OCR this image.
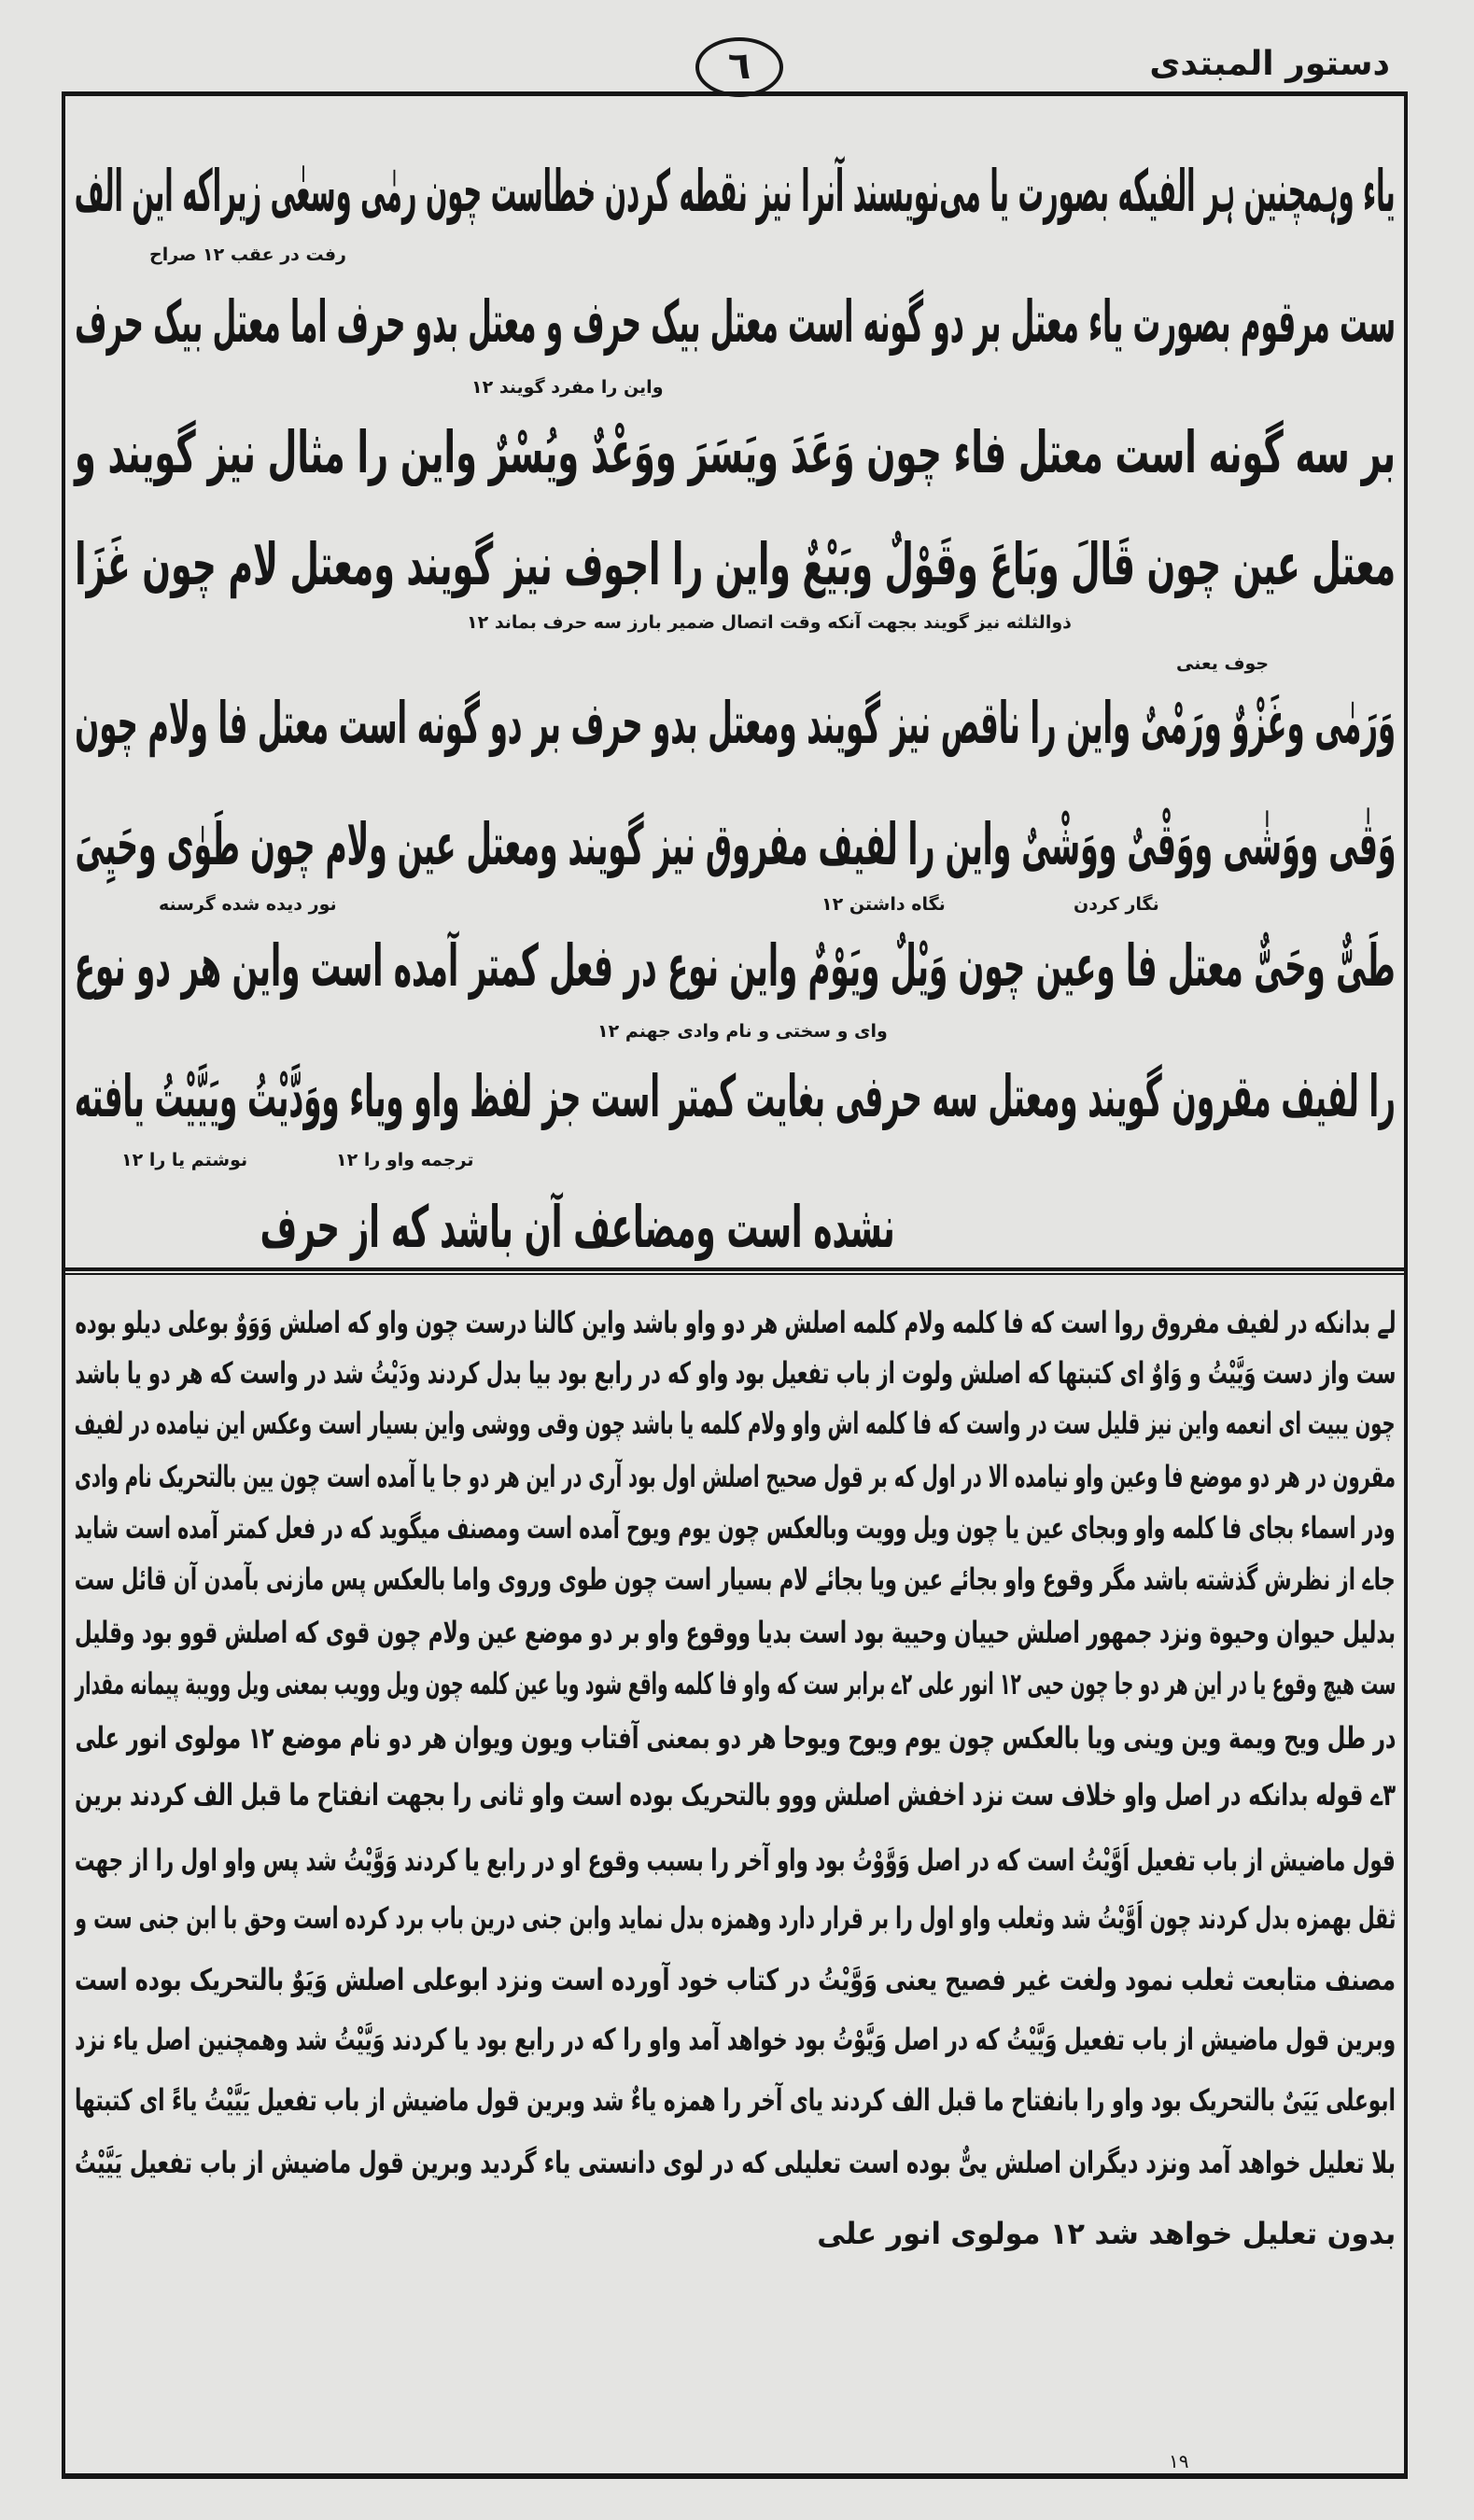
دستور المبتدی
٦
یاء وہمچنین ہر الفیکه بصورت یا می‌نویسند آنرا نیز نقطه کردن خطاست چون رمٰی وسعٰی زیراکه این الف
ست مرقوم بصورت یاء معتل بر دو گونه است معتل بیک حرف و معتل بدو حرف اما معتل بیک حرف
بر سه گونه است معتل فاء چون وَعَدَ ویَسَرَ ووَعْدٌ ویُسْرٌ واین را مثال نیز گویند و
معتل عین چون قَالَ وبَاعَ وقَوْلٌ وبَیْعٌ واین را اجوف نیز گویند ومعتل لام چون غَزَا
وَرَمٰی وغَزْوٌ ورَمْیٌ واین را ناقص نیز گویند ومعتل بدو حرف بر دو گونه است معتل فا ولام چون
وَقٰی ووَشٰی ووَقْیٌ ووَشْیٌ واین را لفیف مفروق نیز گویند ومعتل عین ولام چون طَوٰی وحَیِیَ
طَیٌّ وحَیٌّ معتل فا وعین چون وَیْلٌ ویَوْمٌ واین نوع در فعل کمتر آمده است واین هر دو نوع
را لفیف مقرون گویند ومعتل سه حرفی بغایت کمتر است جز لفظ واو ویاء ووَدَّیْتُ ویَیَّیْتُ یافته
نشده است ومضاعف آن باشد که از حرف
رفت در عقب ۱۲ صراح
واین را مفرد گویند ۱۲
ذوالثلثه نیز گویند بجهت آنکه وقت اتصال ضمیر بارز سه حرف بماند ۱۲
جوف یعنی
نگاه داشتن ۱۲	نگار کردن
نور دیده شده گرسنه
وای و سختی و نام وادی جهنم ۱۲
نوشتم یا را ۱۲	ترجمه واو را ۱۲
لے بدانکه در لفیف مفروق روا است که فا کلمه ولام کلمه اصلش هر دو واو باشد واین کالنا درست چون واو که اصلش وَوَوٌ بوعلی دیلو بوده
ست واز دست وَیَّیْتُ و وَاوٌ ای کتبتها که اصلش ولوت از باب تفعیل بود واو که در رابع بود بیا بدل کردند ودَیْتُ شد در واست که هر دو یا باشد
چون یبیت ای انعمه واین نیز قلیل ست در واست که فا کلمه اش واو ولام کلمه یا باشد چون وقی ووشی واین بسیار است وعکس این نیامده در لفیف
مقرون در هر دو موضع فا وعین واو نیامده الا در اول که بر قول صحیح اصلش اول بود آری در این هر دو جا یا آمده است چون یین بالتحریک نام وادی
ودر اسماء بجای فا کلمه واو وبجای عین یا چون ویل وویت وبالعکس چون یوم ویوح آمده است ومصنف میگوید که در فعل کمتر آمده است شاید
جاے از نظرش گذشته باشد مگر وقوع واو بجائے عین ویا بجائے لام بسیار است چون طوی وروی واما بالعکس پس مازنی بآمدن آن قائل ست
بدلیل حیوان وحیوة ونزد جمهور اصلش حییان وحییة بود است بدیا ووقوع واو بر دو موضع عین ولام چون قوی که اصلش قوو بود وقلیل
ست هیچ وقوع یا در این هر دو جا چون حیی ۱۲ انور علی ۲ے برابر ست که واو فا کلمه واقع شود ویا عین کلمه چون ویل وویب بمعنی ویل وویبة پیمانه مقدار
در طل ویح ویمة وین وینی ویا بالعکس چون یوم ویوح ویوحا هر دو بمعنی آفتاب ویون ویوان هر دو نام موضع ۱۲ مولوی انور علی
۳ے قوله بدانکه در اصل واو خلاف ست نزد اخفش اصلش ووو بالتحریک بوده است واو ثانی را بجهت انفتاح ما قبل الف کردند برین
قول ماضیش از باب تفعیل اَوَّیْتُ است که در اصل وَوَّوْتُ بود واو آخر را بسبب وقوع او در رابع یا کردند وَوَّیْتُ شد پس واو اول را از جهت
ثقل بهمزه بدل کردند چون اَوَّیْتُ شد وثعلب واو اول را بر قرار دارد وهمزه بدل نماید وابن جنی درین باب برد کرده است وحق با ابن جنی ست و
مصنف متابعت ثعلب نمود ولغت غیر فصیح یعنی وَوَّیْتُ در کتاب خود آورده است ونزد ابوعلی اصلش وَیَوٌ بالتحریک بوده است
وبرین قول ماضیش از باب تفعیل وَیَّیْتُ که در اصل وَیَّوْتُ بود خواهد آمد واو را که در رابع بود یا کردند وَیَّیْتُ شد وهمچنین اصل یاء نزد
ابوعلی یَیَیٌ بالتحریک بود واو را بانفتاح ما قبل الف کردند یای آخر را همزه یاءٌ شد وبرین قول ماضیش از باب تفعیل یَیَّیْتُ یاءً ای کتبتها
بلا تعلیل خواهد آمد ونزد دیگران اصلش ییٌّ بوده است تعلیلی که در لوی دانستی یاء گردید وبرین قول ماضیش از باب تفعیل یَیَّیْتُ
بدون تعلیل خواهد شد ۱۲ مولوی انور علی
۱۹
